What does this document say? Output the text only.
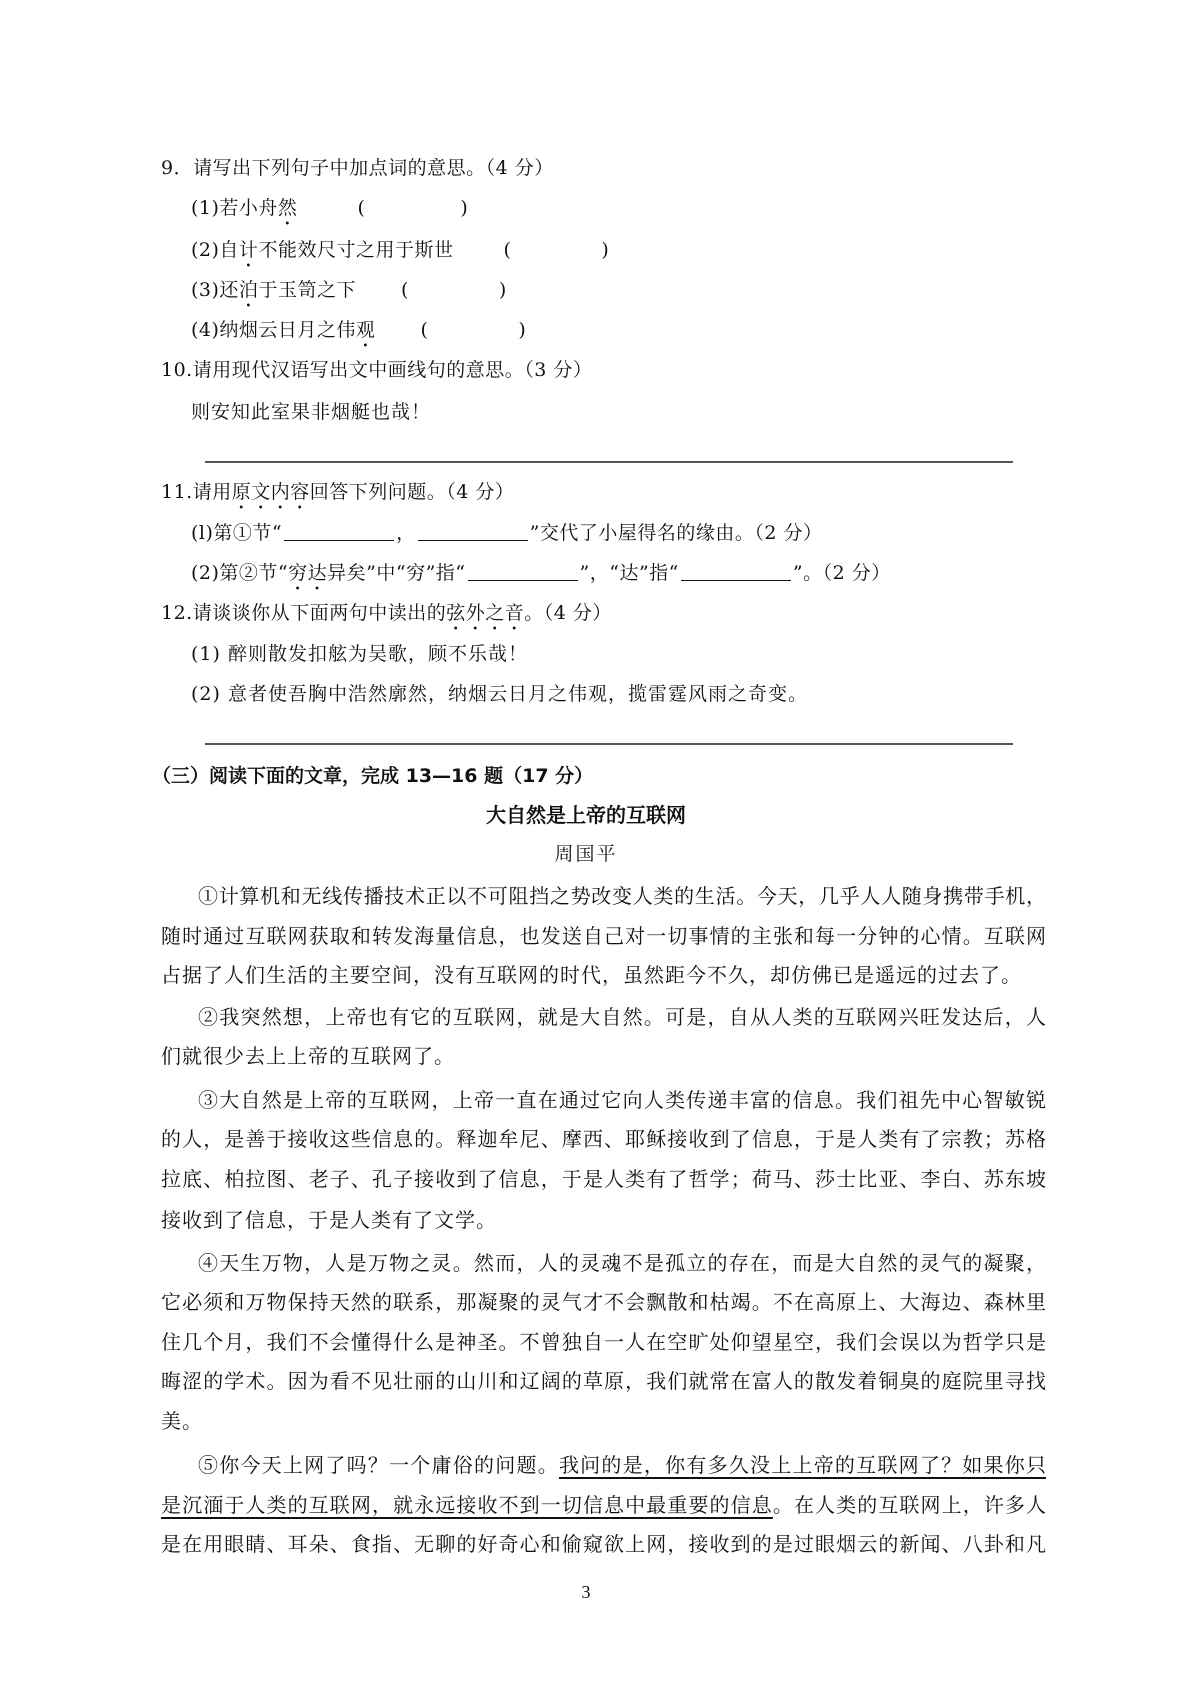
（三）阅读下面的文章，完成 13—16 题（17 分）
大自然是上帝的互联网
周国平
3
9．请写出下列句子中加点词的意思。（4 分）
(1)若小舟然	(	)
(2)自计不能效尺寸之用于斯世	(	)
(3)还泊于玉笥之下 (	)
(4)纳烟云日月之伟观 (	)
10.请用现代汉语写出文中画线句的意思。（3 分）
则安知此室果非烟艇也哉！
11.请用原文内容回答下列问题。（4 分）
(l)第①节“	，	”交代了小屋得名的缘由。（2 分）
(2)第②节“穷达异矣”中“穷”指“	”，“达”指“	”。（2 分）
12.请谈谈你从下面两句中读出的弦外之音。（4 分）
(1) 醉则散发扣舷为吴歌，顾不乐哉！
(2) 意者使吾胸中浩然廓然，纳烟云日月之伟观，揽雷霆风雨之奇变。
①计算机和无线传播技术正以不可阻挡之势改变人类的生活。今天，几乎人人随身携带手机，
随时通过互联网获取和转发海量信息，也发送自己对一切事情的主张和每一分钟的心情。互联网
占据了人们生活的主要空间，没有互联网的时代，虽然距今不久，却仿佛已是遥远的过去了。
②我突然想，上帝也有它的互联网，就是大自然。可是，自从人类的互联网兴旺发达后，人
们就很少去上上帝的互联网了。
③大自然是上帝的互联网，上帝一直在通过它向人类传递丰富的信息。我们祖先中心智敏锐
的人，是善于接收这些信息的。释迦牟尼、摩西、耶稣接收到了信息，于是人类有了宗教；苏格
拉底、柏拉图、老子、孔子接收到了信息，于是人类有了哲学；荷马、莎士比亚、李白、苏东坡
接收到了信息，于是人类有了文学。
④天生万物，人是万物之灵。然而，人的灵魂不是孤立的存在，而是大自然的灵气的凝聚，
它必须和万物保持天然的联系，那凝聚的灵气才不会飘散和枯竭。不在高原上、大海边、森林里
住几个月，我们不会懂得什么是神圣。不曾独自一人在空旷处仰望星空，我们会误以为哲学只是
晦涩的学术。因为看不见壮丽的山川和辽阔的草原，我们就常在富人的散发着铜臭的庭院里寻找
美。
⑤你今天上网了吗？一个庸俗的问题。我问的是，你有多久没上上帝的互联网了？如果你只
是沉湎于人类的互联网，就永远接收不到一切信息中最重要的信息。在人类的互联网上，许多人
是在用眼睛、耳朵、食指、无聊的好奇心和偷窥欲上网，接收到的是过眼烟云的新闻、八卦和凡
